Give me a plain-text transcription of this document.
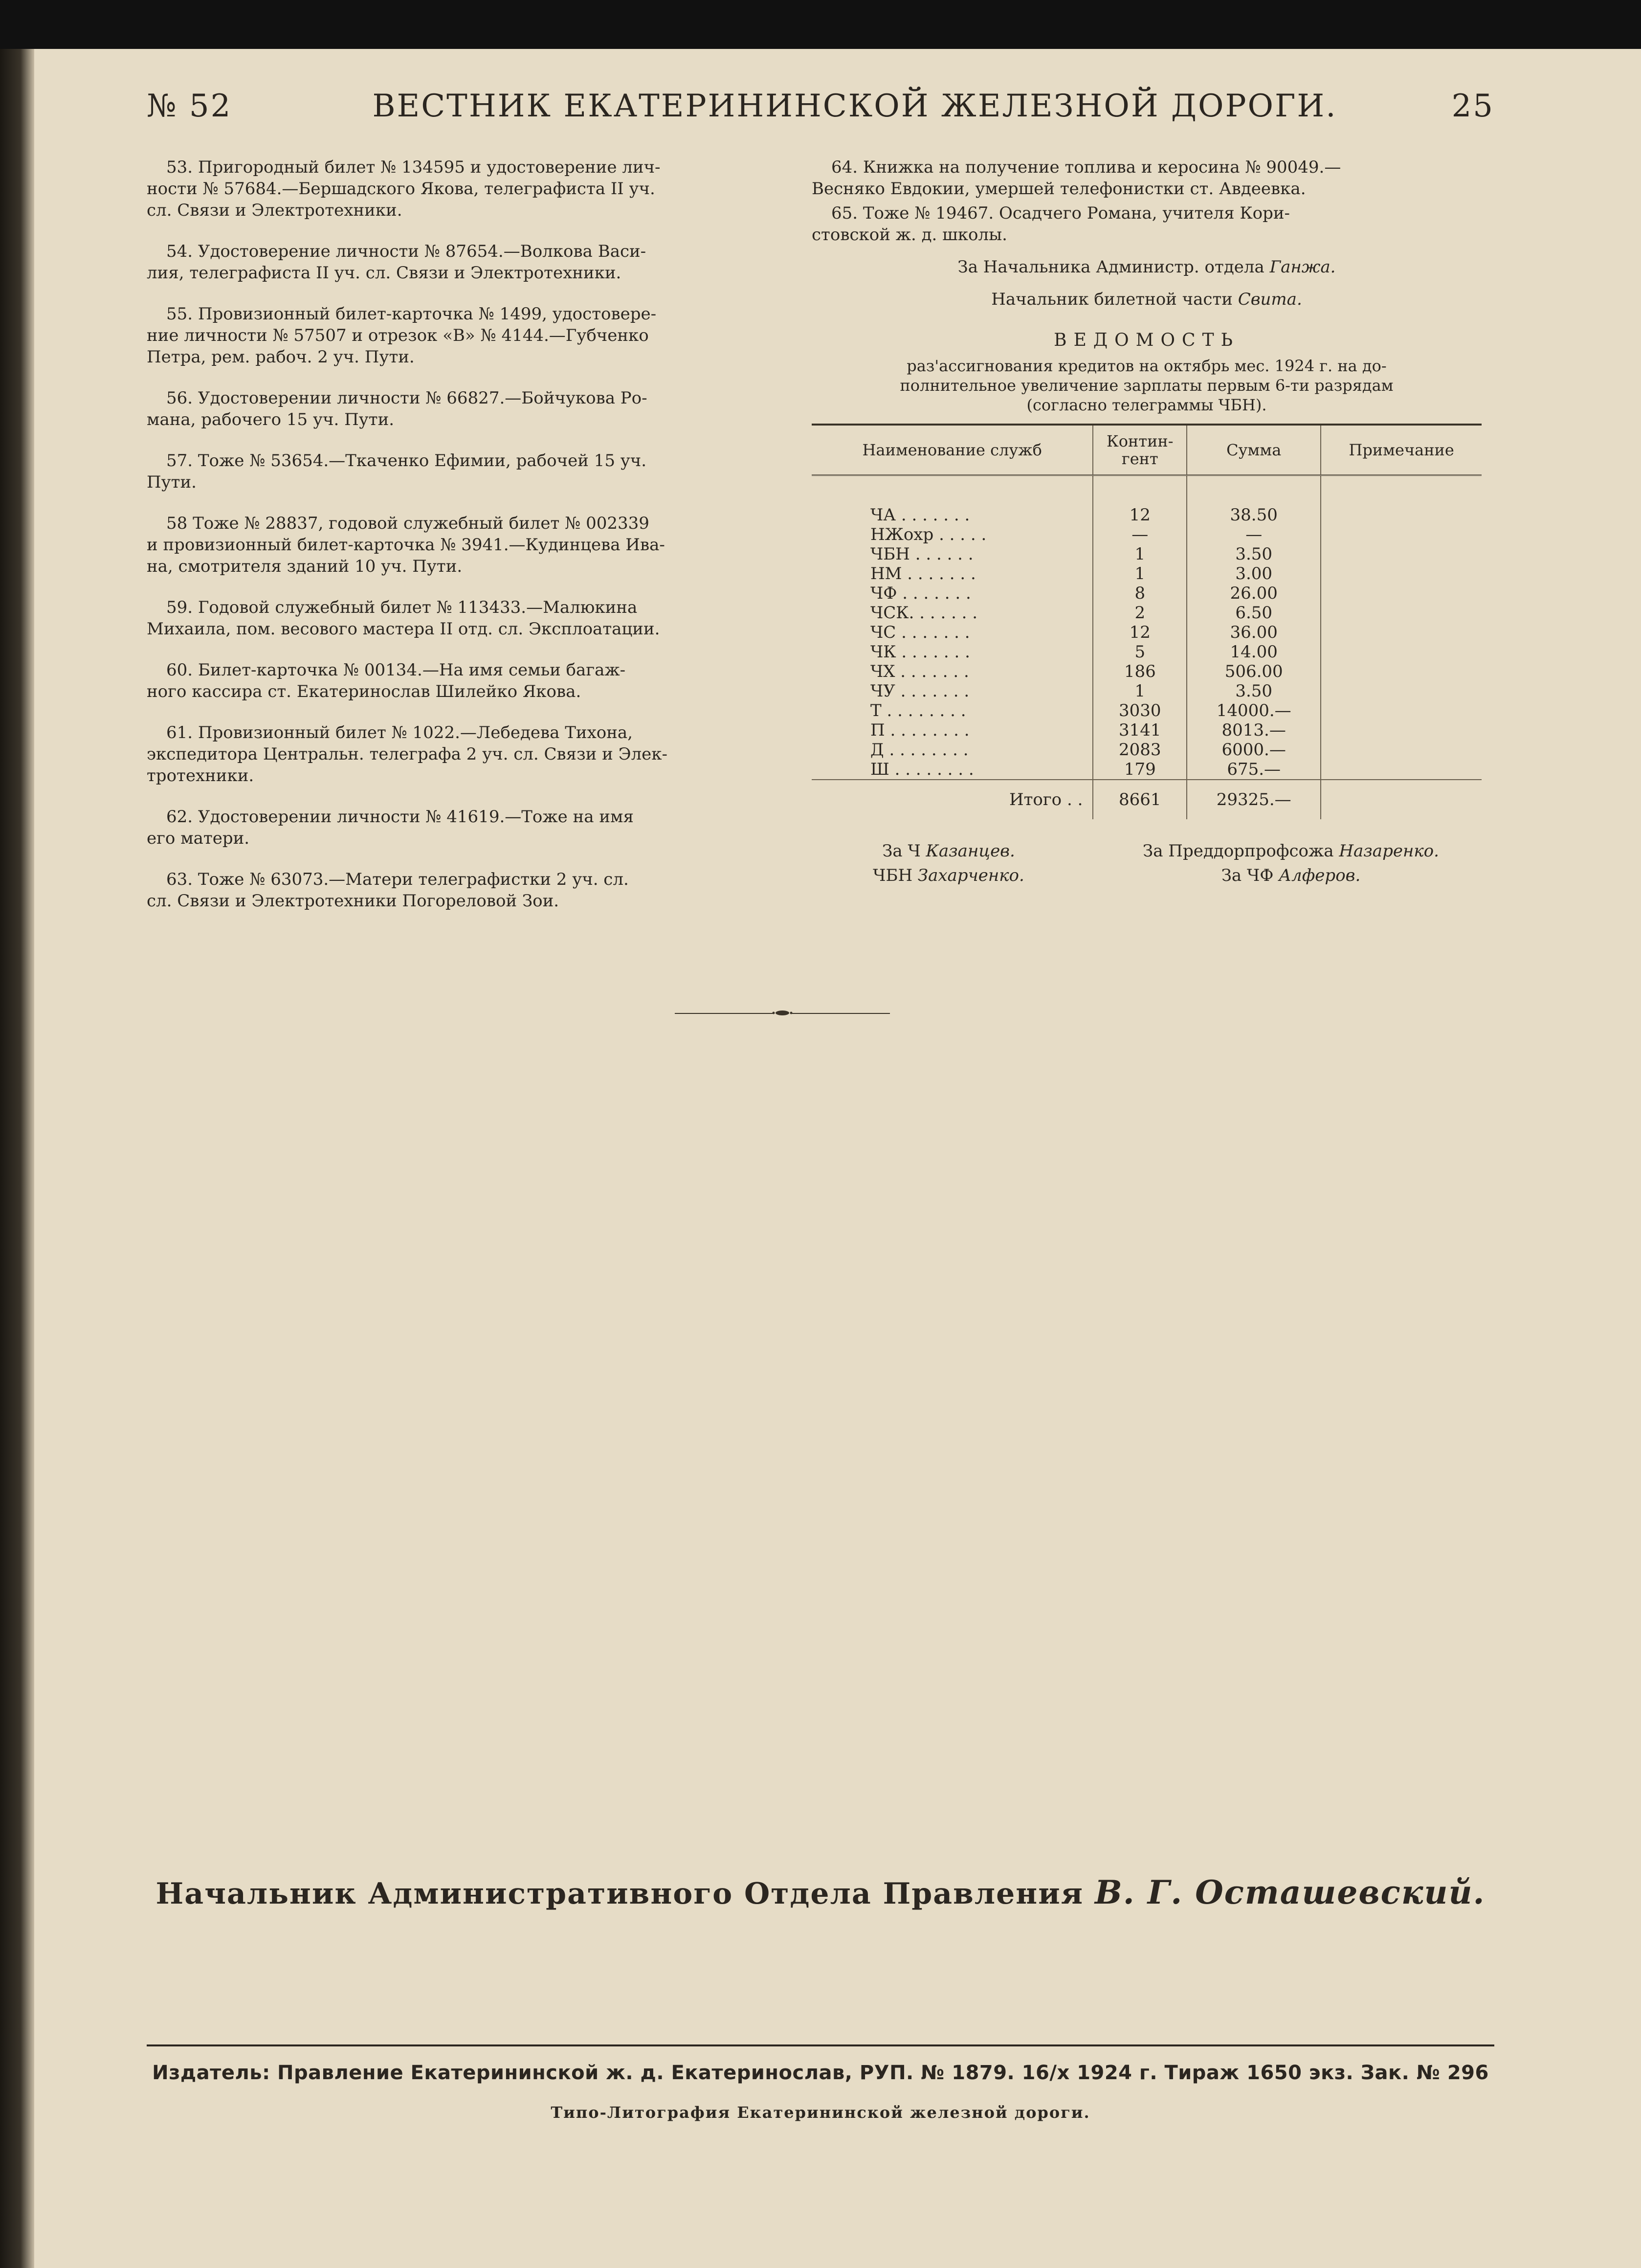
№ 52	ВЕСТНИК ЕКАТЕРИНИНСКОЙ ЖЕЛЕЗНОЙ ДОРОГИ.	25
53. Пригородный билет № 134595 и удостоверение лич-
ности № 57684.—Бершадского Якова, телеграфиста II уч.
сл. Связи и Электротехники.
54. Удостоверение личности № 87654.—Волкова Васи-
лия, телеграфиста II уч. сл. Связи и Электротехники.
55. Провизионный билет-карточка № 1499, удостовере-
ние личности № 57507 и отрезок «В» № 4144.—Губченко
Петра, рем. рабоч. 2 уч. Пути.
56. Удостоверении личности № 66827.—Бойчукова Ро-
мана, рабочего 15 уч. Пути.
57. Тоже № 53654.—Ткаченко Ефимии, рабочей 15 уч.
Пути.
58 Тоже № 28837, годовой служебный билет № 002339
и провизионный билет-карточка № 3941.—Кудинцева Ива-
на, смотрителя зданий 10 уч. Пути.
59. Годовой служебный билет № 113433.—Малюкина
Михаила, пом. весового мастера II отд. сл. Эксплоатации.
60. Билет-карточка № 00134.—На имя семьи багаж-
ного кассира ст. Екатеринослав Шилейко Якова.
61. Провизионный билет № 1022.—Лебедева Тихона,
экспедитора Центральн. телеграфа 2 уч. сл. Связи и Элек-
тротехники.
62. Удостоверении личности № 41619.—Тоже на имя
его матери.
63. Тоже № 63073.—Матери телеграфистки 2 уч. сл.
сл. Связи и Электротехники Погореловой Зои.
64. Книжка на получение топлива и керосина № 90049.—
Весняко Евдокии, умершей телефонистки ст. Авдеевка.
65. Тоже № 19467. Осадчего Романа, учителя Кори-
стовской ж. д. школы.
За Начальника Администр. отдела Ганжа.
Начальник билетной части Свита.
ВЕДОМОСТЬ
раз'ассигнования кредитов на октябрь мес. 1924 г. на до-
полнительное увеличение зарплаты первым 6-ти разрядам
(согласно телеграммы ЧБН).
Наименование служб	Контин-гент	Сумма	Примечание
ЧА . . . . . . .	12	38.50	
НЖохр . . . . .	—	—	
ЧБН . . . . . .	1	3.50	
НМ . . . . . . .	1	3.00	
ЧФ . . . . . . .	8	26.00	
ЧСК. . . . . . .	2	6.50	
ЧС . . . . . . .	12	36.00	
ЧК . . . . . . .	5	14.00	
ЧХ . . . . . . .	186	506.00	
ЧУ . . . . . . .	1	3.50	
Т . . . . . . . .	3030	14000.—	
П . . . . . . . .	3141	8013.—	
Д . . . . . . . .	2083	6000.—	
Ш . . . . . . . .	179	675.—	
Итого . .	8661	29325.—	
За Ч Казанцев.	За Преддорпрофсожа Назаренко.
ЧБН Захарченко.	За ЧФ Алферов.
Начальник Административного Отдела Правления В. Г. Осташевский.
Издатель: Правление Екатерининской ж. д. Екатеринослав, РУП. № 1879. 16/х 1924 г. Тираж 1650 экз. Зак. № 296
Типо-Литография Екатерининской железной дороги.
